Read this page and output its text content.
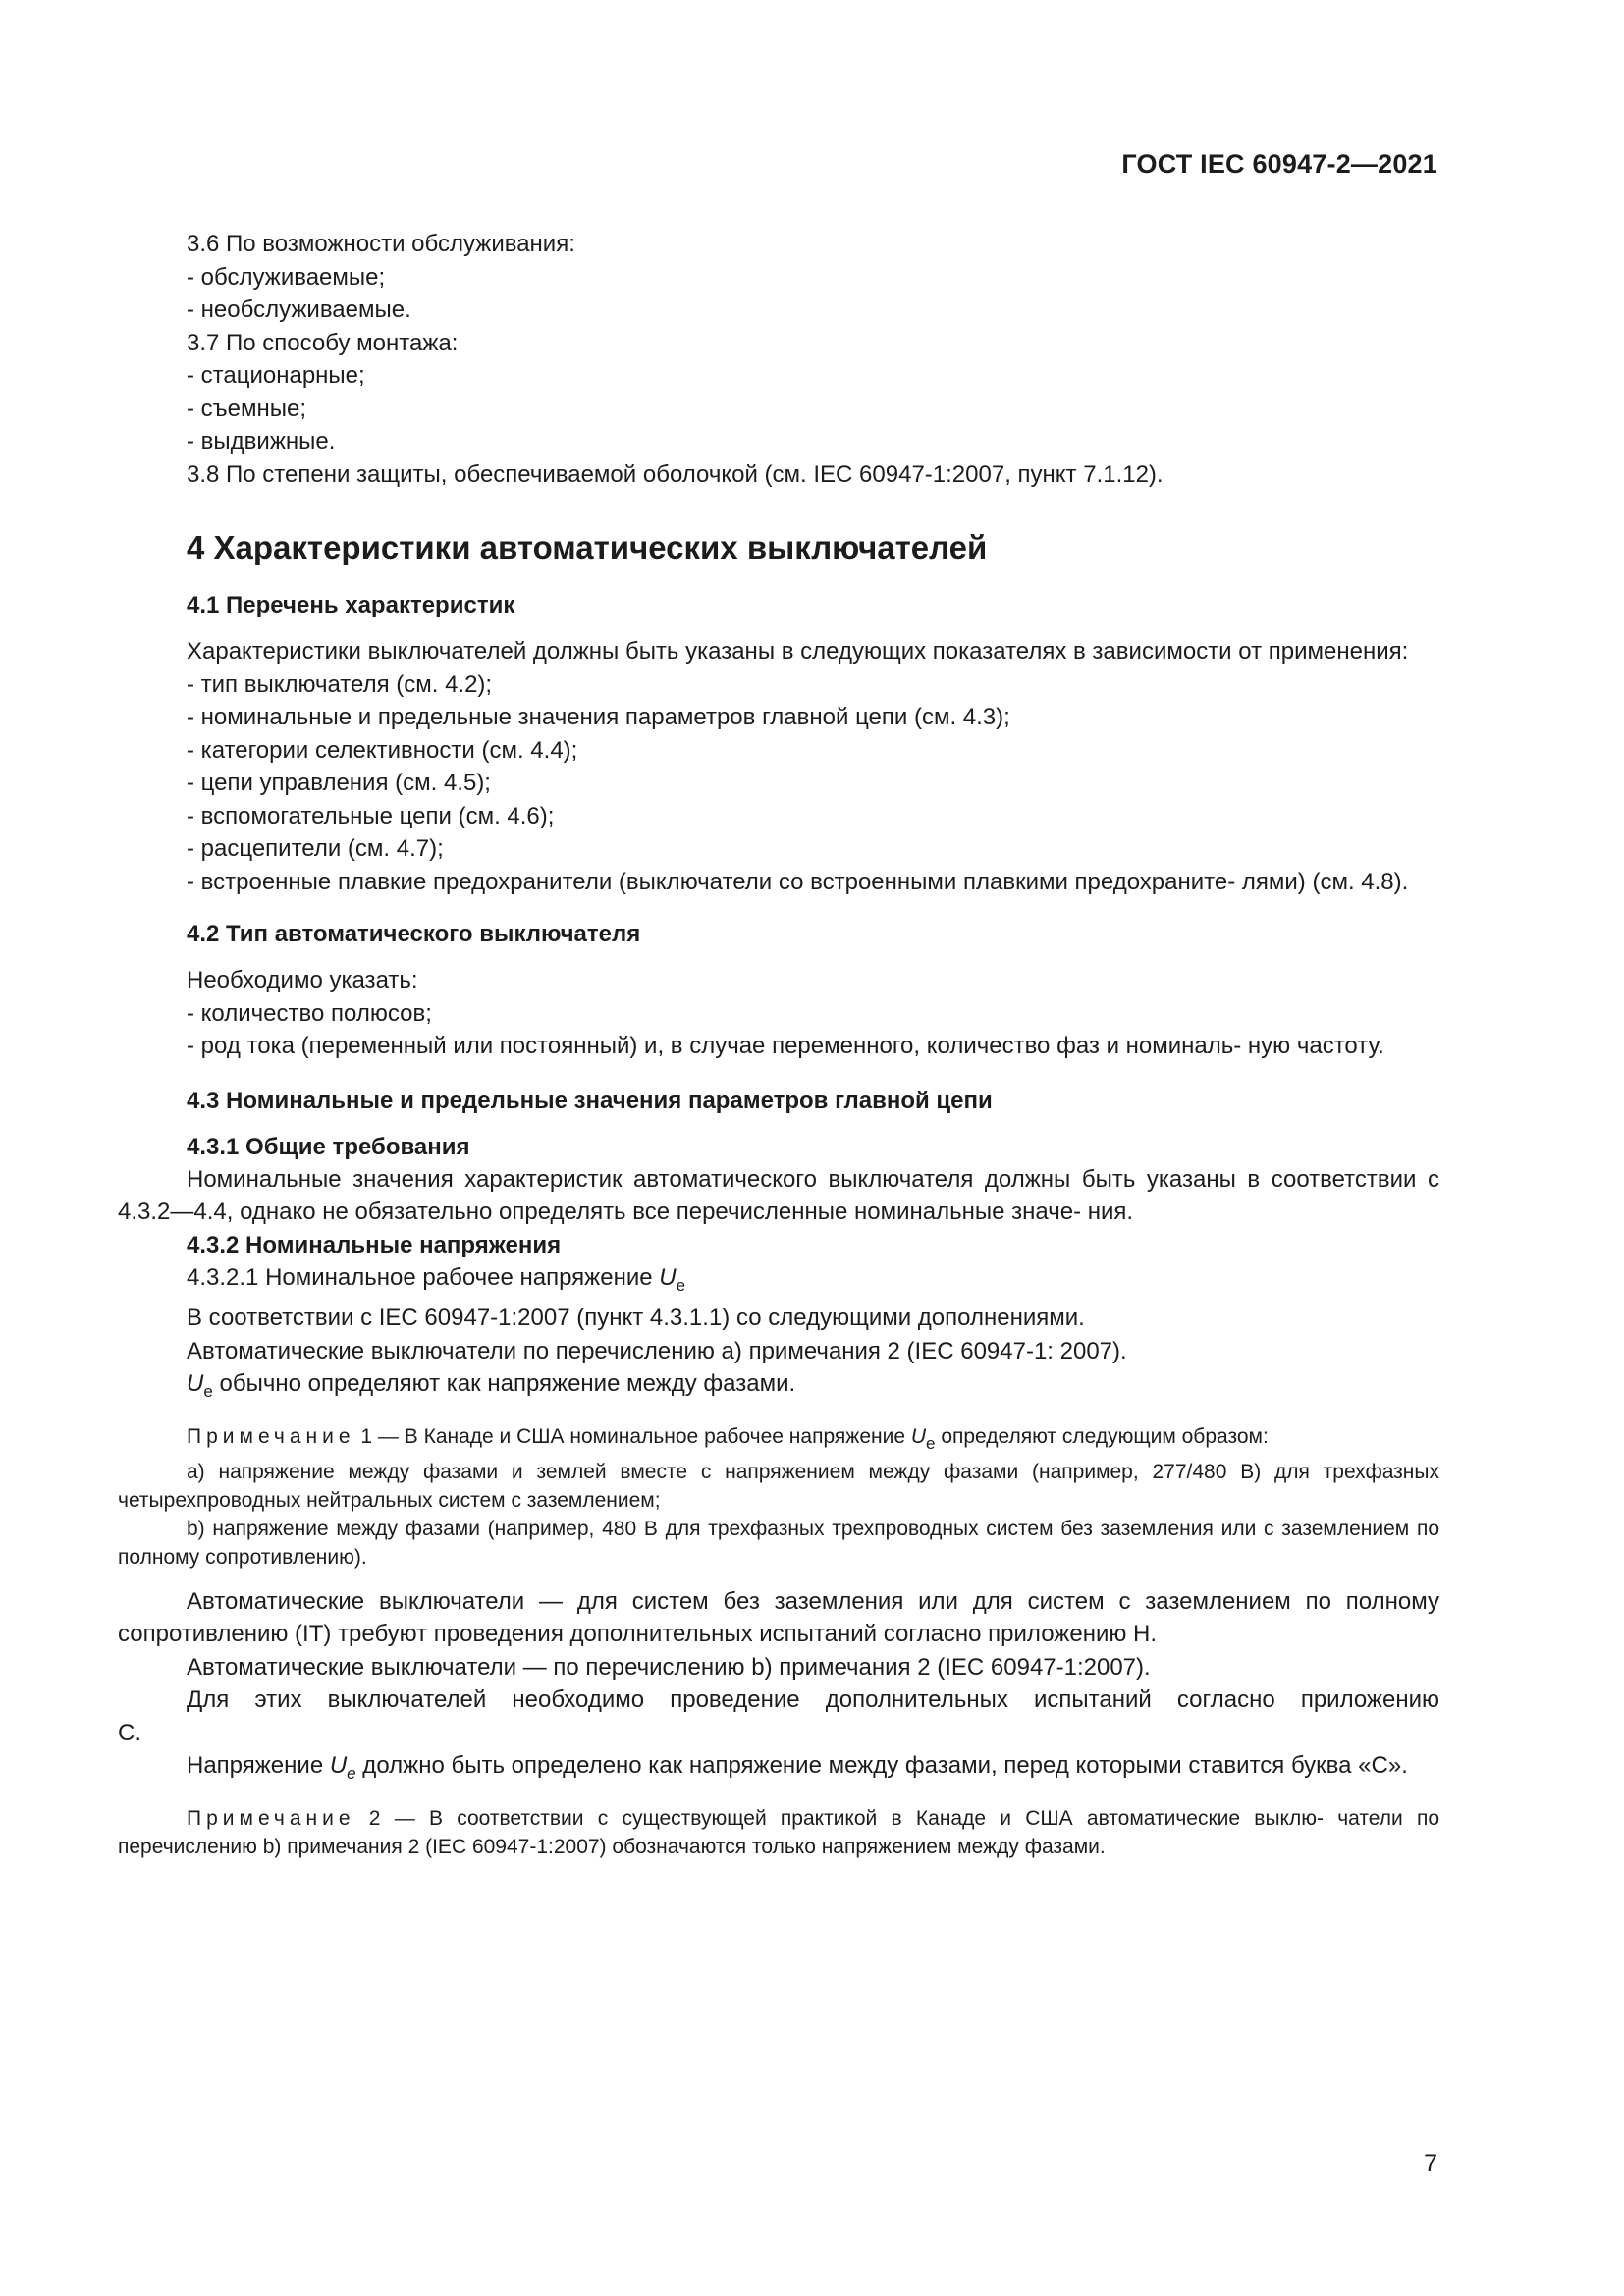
ГОСТ IEC 60947-2—2021
3.6 По возможности обслуживания:
- обслуживаемые;
- необслуживаемые.
3.7 По способу монтажа:
- стационарные;
- съемные;
- выдвижные.
3.8 По степени защиты, обеспечиваемой оболочкой (см. IEC 60947-1:2007, пункт 7.1.12).
4 Характеристики автоматических выключателей
4.1 Перечень характеристик
Характеристики выключателей должны быть указаны в следующих показателях в зависимости от применения:
- тип выключателя (см. 4.2);
- номинальные и предельные значения параметров главной цепи (см. 4.3);
- категории селективности (см. 4.4);
- цепи управления (см. 4.5);
- вспомогательные цепи (см. 4.6);
- расцепители (см. 4.7);
- встроенные плавкие предохранители (выключатели со встроенными плавкими предохраните- лями) (см. 4.8).
4.2 Тип автоматического выключателя
Необходимо указать:
- количество полюсов;
- род тока (переменный или постоянный) и, в случае переменного, количество фаз и номиналь- ную частоту.
4.3 Номинальные и предельные значения параметров главной цепи
4.3.1 Общие требования
Номинальные значения характеристик автоматического выключателя должны быть указаны в соответствии с 4.3.2—4.4, однако не обязательно определять все перечисленные номинальные значе- ния.
4.3.2 Номинальные напряжения
4.3.2.1 Номинальное рабочее напряжение $U_e$
В соответствии с IEC 60947-1:2007 (пункт 4.3.1.1) со следующими дополнениями.
Автоматические выключатели по перечислению а) примечания 2 (IEC 60947-1: 2007).
$U_e$ обычно определяют как напряжение между фазами.
Примечание 1 — В Канаде и США номинальное рабочее напряжение $U_e$ определяют следующим образом:
а) напряжение между фазами и землей вместе с напряжением между фазами (например, 277/480 В) для трехфазных четырехпроводных нейтральных систем с заземлением;
b) напряжение между фазами (например, 480 В для трехфазных трехпроводных систем без заземления или с заземлением по полному сопротивлению).
Автоматические выключатели — для систем без заземления или для систем с заземлением по полному сопротивлению (IT) требуют проведения дополнительных испытаний согласно приложению Н.
Автоматические выключатели — по перечислению b) примечания 2 (IEC 60947-1:2007).
Для этих выключателей необходимо проведение дополнительных испытаний согласно приложению С.
Напряжение $U_e$ должно быть определено как напряжение между фазами, перед которыми ставится буква «С».
Примечание 2 — В соответствии с существующей практикой в Канаде и США автоматические выклю- чатели по перечислению b) примечания 2 (IEC 60947-1:2007) обозначаются только напряжением между фазами.
7
